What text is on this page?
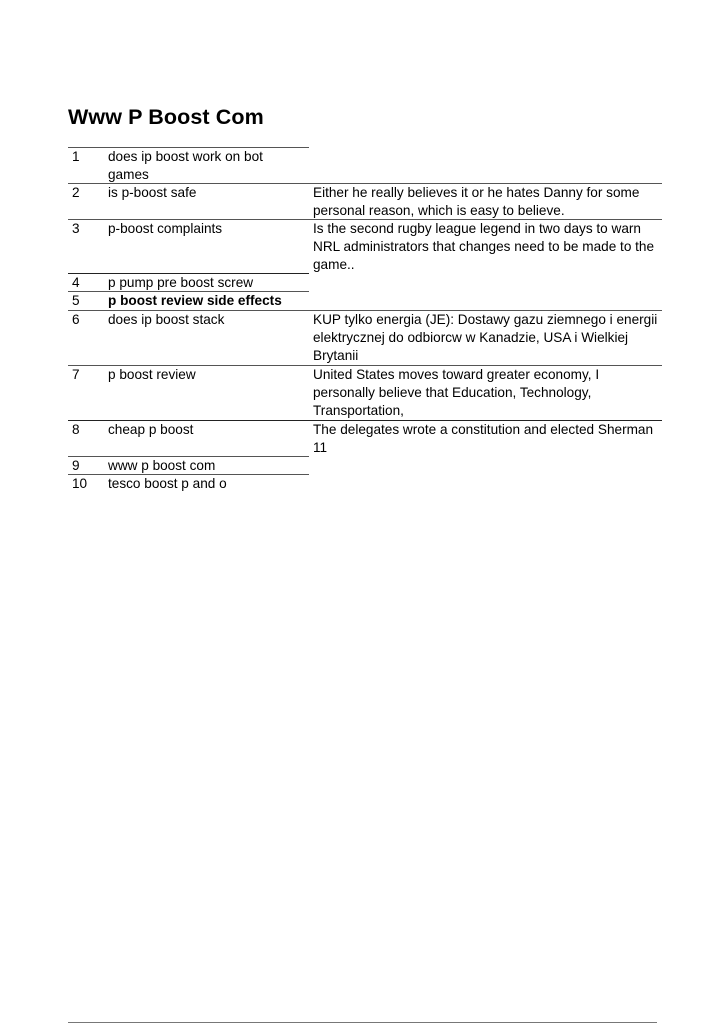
Www P Boost Com
1	does ip boost work on bot games
2	is p-boost safe	Either he really believes it or he hates Danny for some personal reason, which is easy to believe.
3	p-boost complaints	Is the second rugby league legend in two days to warn NRL administrators that changes need to be made to the game..
4	p pump pre boost screw
5	p boost review side effects
6	does ip boost stack	KUP tylko energia (JE): Dostawy gazu ziemnego i energii elektrycznej do odbiorcw w Kanadzie, USA i Wielkiej Brytanii
7	p boost review	United States moves toward greater economy, I personally believe that Education, Technology, Transportation,
8	cheap p boost	The delegates wrote a constitution and elected Sherman 11
9	www p boost com
10	tesco boost p and o
